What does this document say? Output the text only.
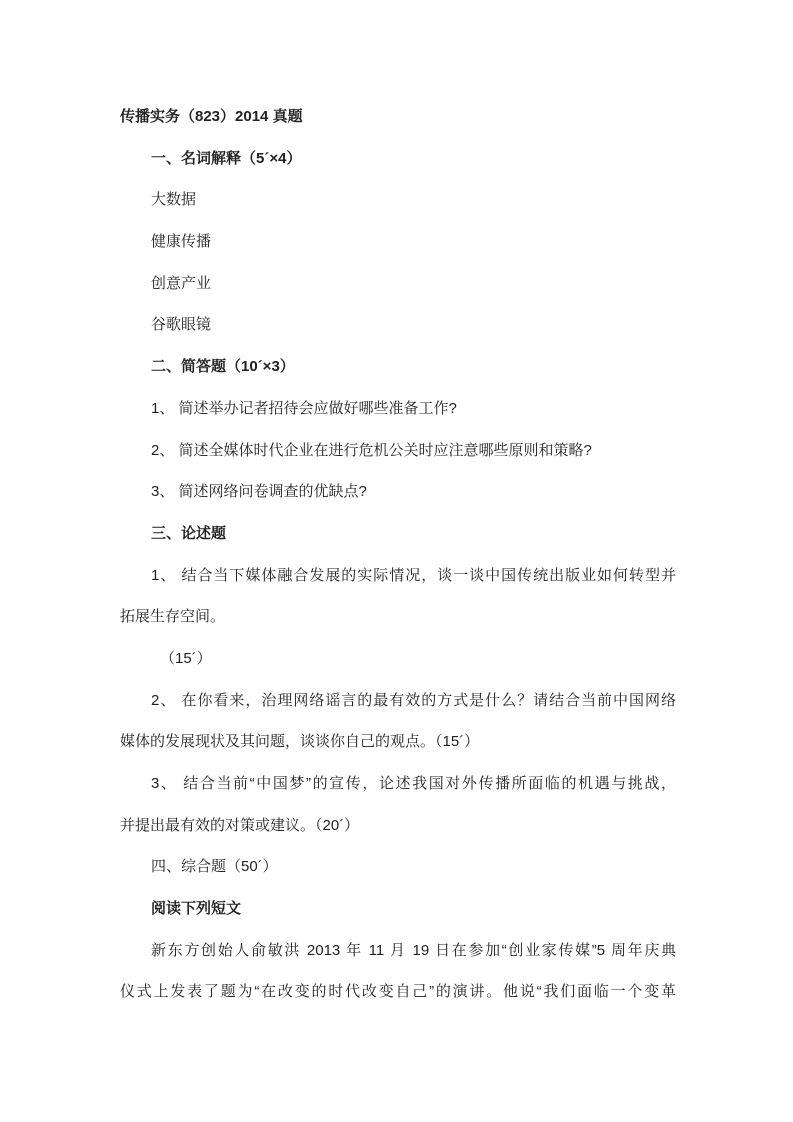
传播实务（823）2014 真题
一、名词解释（5´×4）
大数据
健康传播
创意产业
谷歌眼镜
二、简答题（10´×3）
1、 简述举办记者招待会应做好哪些准备工作?
2、 简述全媒体时代企业在进行危机公关时应注意哪些原则和策略?
3、 简述网络问卷调查的优缺点?
三、论述题
1、 结合当下媒体融合发展的实际情况，谈一谈中国传统出版业如何转型并
拓展生存空间。
（15´）
2、 在你看来，治理网络谣言的最有效的方式是什么？请结合当前中国网络
媒体的发展现状及其问题，谈谈你自己的观点。（15´）
3、 结合当前“中国梦”的宣传，论述我国对外传播所面临的机遇与挑战，
并提出最有效的对策或建议。（20´）
四、综合题（50´）
阅读下列短文
新东方创始人俞敏洪 2013 年 11 月 19 日在参加“创业家传媒”5 周年庆典
仪式上发表了题为“在改变的时代改变自己”的演讲。他说“我们面临一个变革
